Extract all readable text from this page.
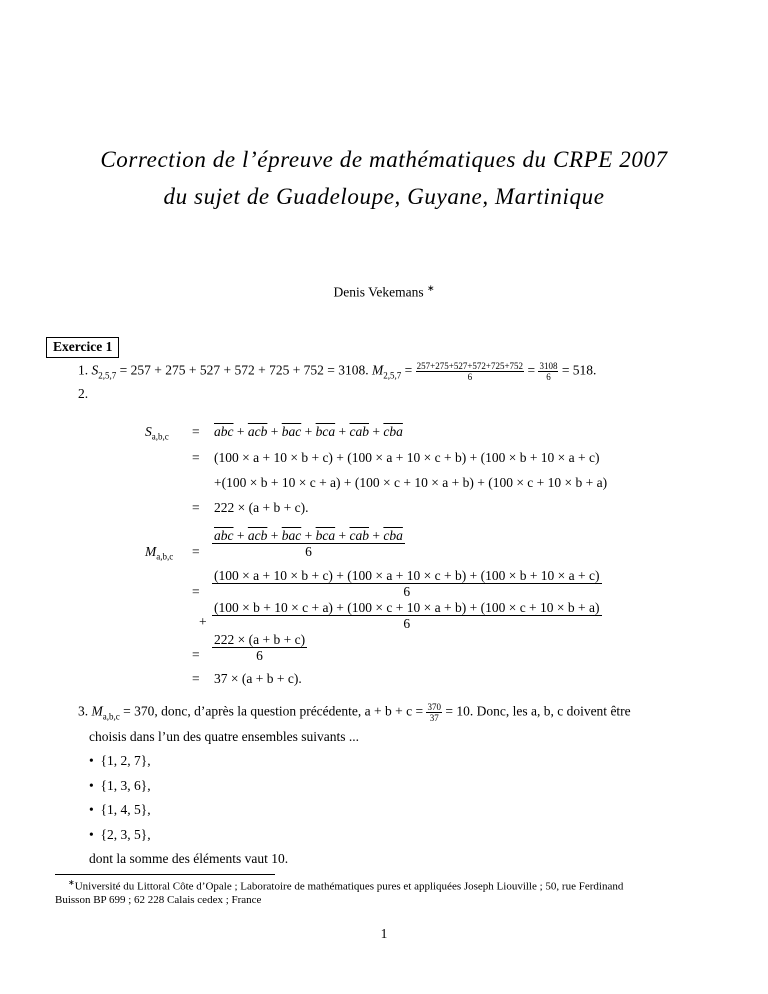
Correction de l’épreuve de mathématiques du CRPE 2007
du sujet de Guadeloupe, Guyane, Martinique
Denis Vekemans ∗
Exercice 1
1. $S_{2,5,7} = 257 + 275 + 527 + 572 + 725 + 752 = 3108$. $M_{2,5,7} = \frac{257+275+527+572+725+752}{6} = \frac{3108}{6} = 518$.
2.
$S_{a,b,c} = \overline{abc} + \overline{acb} + \overline{bac} + \overline{bca} + \overline{cab} + \overline{cba}$
= (100 × a + 10 × b + c) + (100 × a + 10 × c + b) + (100 × b + 10 × a + c)
+(100 × b + 10 × c + a) + (100 × c + 10 × a + b) + (100 × c + 10 × b + a)
= 222 × (a + b + c).
$M_{a,b,c} = \frac{\overline{abc} + \overline{acb} + \overline{bac} + \overline{bca} + \overline{cab} + \overline{cba}}{6}$
=
(100 × a + 10 × b + c) + (100 × a + 10 × c + b) + (100 × b + 10 × a + c)
6
+
(100 × b + 10 × c + a) + (100 × c + 10 × a + b) + (100 × c + 10 × b + a)
6
= $\frac{222 \times (a + b + c)}{6}$
= 37 × (a + b + c).
3. $M_{a,b,c} = 370$, donc, d’après la question précédente, $a + b + c = \frac{370}{37} = 10$. Donc, les a, b, c doivent être
choisis dans l’un des quatre ensembles suivants ...
• {1, 2, 7},
• {1, 3, 6},
• {1, 4, 5},
• {2, 3, 5},
dont la somme des éléments vaut 10.
∗Université du Littoral Côte d’Opale ; Laboratoire de mathématiques pures et appliquées Joseph Liouville ; 50, rue Ferdinand
Buisson BP 699 ; 62 228 Calais cedex ; France
1
